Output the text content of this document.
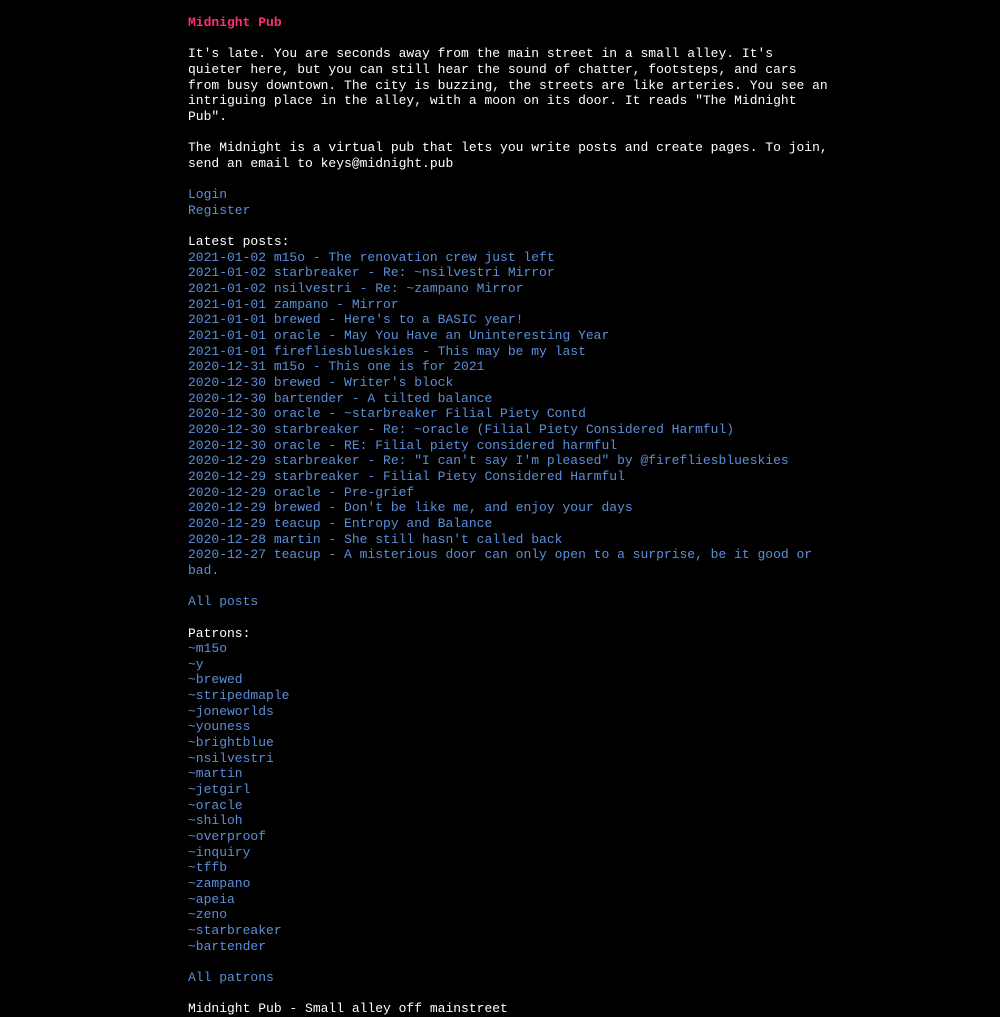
Midnight Pub

It's late. You are seconds away from the main street in a small alley. It's quieter here, but you can still hear the sound of chatter, footsteps, and cars from busy downtown. The city is buzzing, the streets are like arteries. You see an intriguing place in the alley, with a moon on its door. It reads "The Midnight Pub".

The Midnight is a virtual pub that lets you write posts and create pages. To join, send an email to keys@midnight.pub

Login
Register
Latest posts:
2021-01-02 m15o - The renovation crew just left
2021-01-02 starbreaker - Re: ~nsilvestri Mirror
2021-01-02 nsilvestri - Re: ~zampano Mirror
2021-01-01 zampano - Mirror
2021-01-01 brewed - Here's to a BASIC year!
2021-01-01 oracle - May You Have an Uninteresting Year
2021-01-01 firefliesblueskies - This may be my last
2020-12-31 m15o - This one is for 2021
2020-12-30 brewed - Writer's block
2020-12-30 bartender - A tilted balance
2020-12-30 oracle - ~starbreaker Filial Piety Contd
2020-12-30 starbreaker - Re: ~oracle (Filial Piety Considered Harmful)
2020-12-30 oracle - RE: Filial piety considered harmful
2020-12-29 starbreaker - Re: "I can't say I'm pleased" by @firefliesblueskies
2020-12-29 starbreaker - Filial Piety Considered Harmful
2020-12-29 oracle - Pre-grief
2020-12-29 brewed - Don't be like me, and enjoy your days
2020-12-29 teacup - Entropy and Balance
2020-12-28 martin - She still hasn't called back
2020-12-27 teacup - A misterious door can only open to a surprise, be it good or bad.
All posts
Patrons:
~m15o
~y
~brewed
~stripedmaple
~joneworlds
~youness
~brightblue
~nsilvestri
~martin
~jetgirl
~oracle
~shiloh
~overproof
~inquiry
~tffb
~zampano
~apeia
~zeno
~starbreaker
~bartender
All patrons
Midnight Pub - Small alley off mainstreet
